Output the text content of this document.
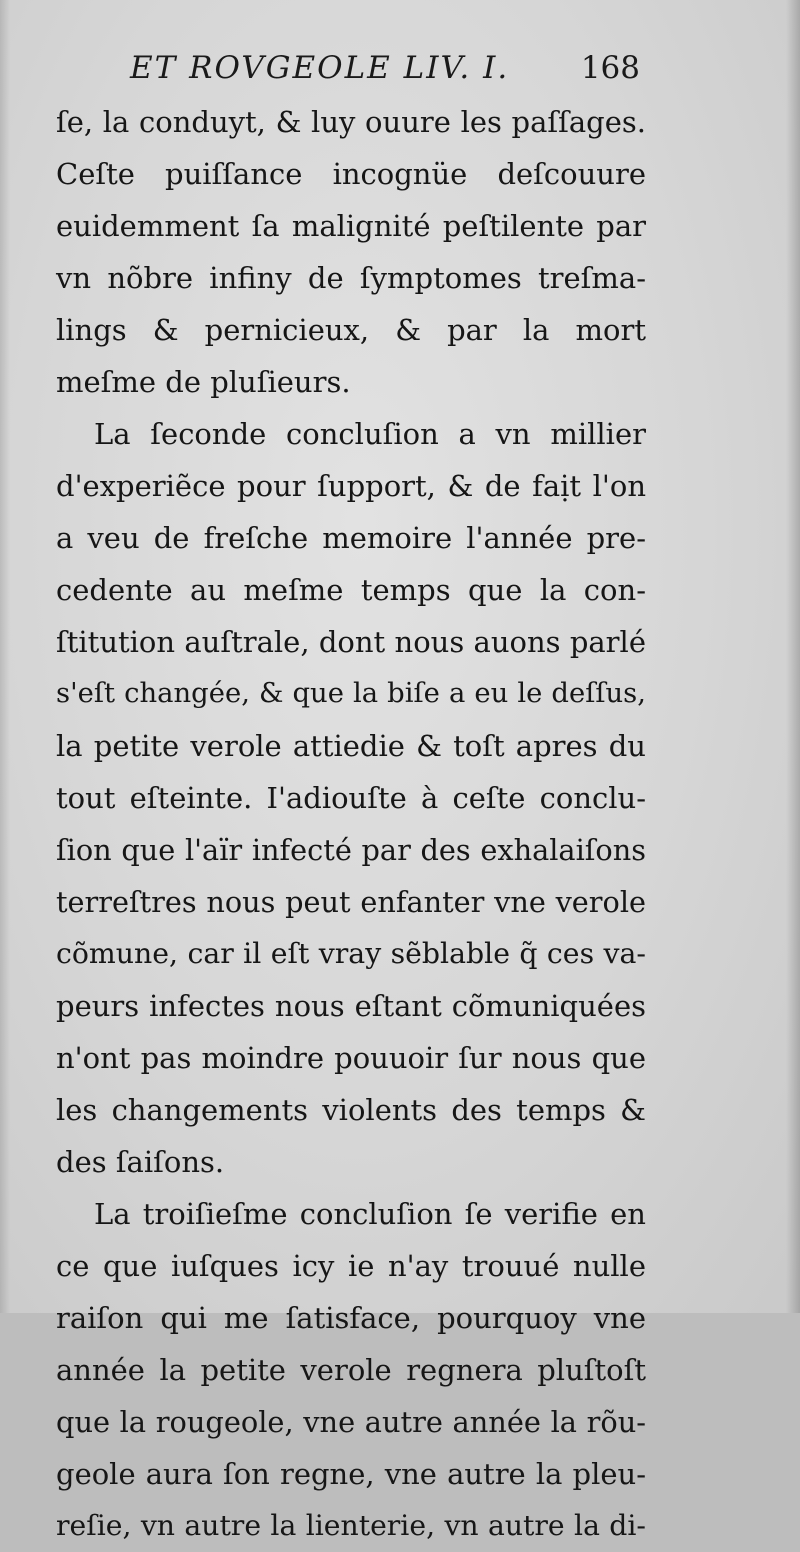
ET ROVGEOLE LIV. I. 168
ſe, la conduyt, & luy ouure les paſſages.
Ceſte puiſſance incognüe deſcouure
euidemment ſa malignité peſtilente par
vn nõbre infiny de ſymptomes treſma-
lings & pernicieux, & par la mort
meſme de pluſieurs.
La ſeconde concluſion a vn millier
d'experiẽce pour ſupport, & de faịt l'on
a veu de freſche memoire l'année pre-
cedente au meſme temps que la con-
ſtitution auſtrale, dont nous auons parlé
s'eſt changée, & que la biſe a eu le deſſus,
la petite verole attiedie & toſt apres du
tout eſteinte. I'adiouſte à ceſte conclu-
ſion que l'aïr infecté par des exhalaiſons
terreſtres nous peut enfanter vne verole
cõmune, car il eſt vray sẽblable q̃ ces va-
peurs infectes nous eſtant cõmuniquées
n'ont pas moindre pouuoir ſur nous que
les changements violents des temps &
des ſaiſons.
La troiſieſme concluſion ſe verifie en
ce que iuſques icy ie n'ay trouué nulle
raiſon qui me ſatisface, pourquoy vne
année la petite verole regnera pluſtoſt
que la rougeole, vne autre année la rõu-
geole aura ſon regne, vne autre la pleu-
reſie, vn autre la lienterie, vn autre la di-
